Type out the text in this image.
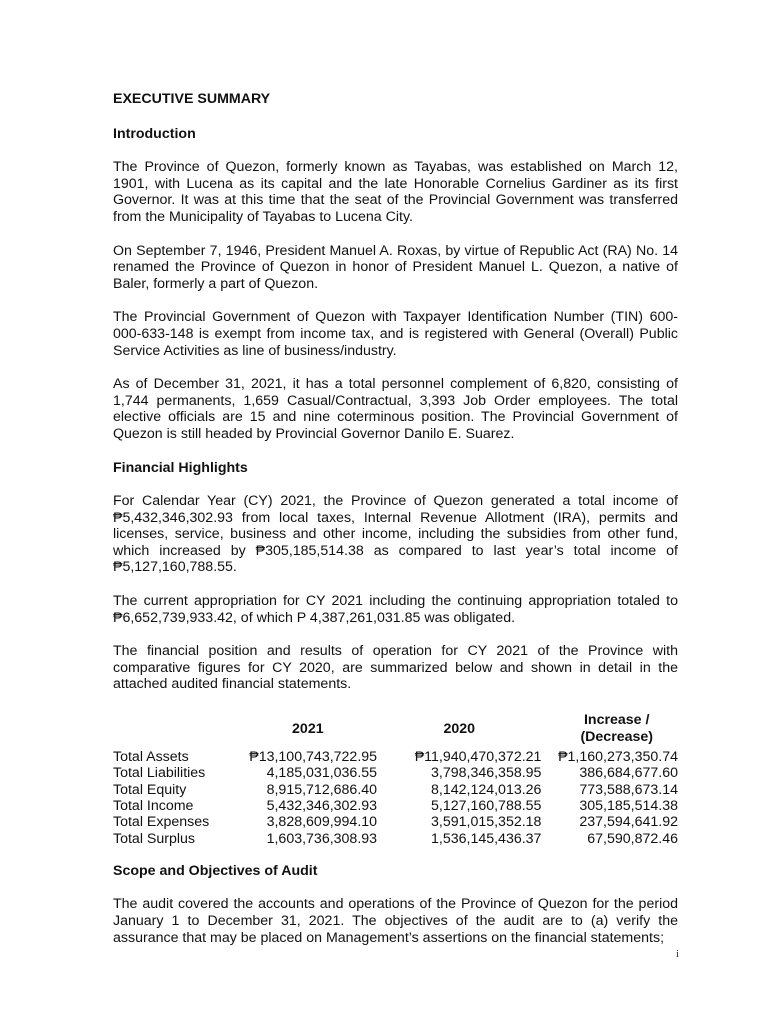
EXECUTIVE SUMMARY
Introduction

The Province of Quezon, formerly known as Tayabas, was established on March 12, 1901, with Lucena as its capital and the late Honorable Cornelius Gardiner as its first Governor. It was at this time that the seat of the Provincial Government was transferred from the Municipality of Tayabas to Lucena City.

On September 7, 1946, President Manuel A. Roxas, by virtue of Republic Act (RA) No. 14 renamed the Province of Quezon in honor of President Manuel L. Quezon, a native of Baler, formerly a part of Quezon.

The Provincial Government of Quezon with Taxpayer Identification Number (TIN) 600-000-633-148 is exempt from income tax, and is registered with General (Overall) Public Service Activities as line of business/industry.

As of December 31, 2021, it has a total personnel complement of 6,820, consisting of 1,744 permanents, 1,659 Casual/Contractual, 3,393 Job Order employees. The total elective officials are 15 and nine coterminous position. The Provincial Government of Quezon is still headed by Provincial Governor Danilo E. Suarez.

Financial Highlights

For Calendar Year (CY) 2021, the Province of Quezon generated a total income of ₱5,432,346,302.93 from local taxes, Internal Revenue Allotment (IRA), permits and licenses, service, business and other income, including the subsidies from other fund, which increased by ₱305,185,514.38 as compared to last year’s total income of ₱5,127,160,788.55.

The current appropriation for CY 2021 including the continuing appropriation totaled to ₱6,652,739,933.42, of which P 4,387,261,031.85 was obligated.

The financial position and results of operation for CY 2021 of the Province with comparative figures for CY 2020, are summarized below and shown in detail in the attached audited financial statements.

	2021	2020	Increase / (Decrease)
Total Assets	₱13,100,743,722.95	₱11,940,470,372.21	₱1,160,273,350.74
Total Liabilities	4,185,031,036.55	3,798,346,358.95	386,684,677.60
Total Equity	8,915,712,686.40	8,142,124,013.26	773,588,673.14
Total Income	5,432,346,302.93	5,127,160,788.55	305,185,514.38
Total Expenses	3,828,609,994.10	3,591,015,352.18	237,594,641.92
Total Surplus	1,603,736,308.93	1,536,145,436.37	67,590,872.46
Scope and Objectives of Audit

The audit covered the accounts and operations of the Province of Quezon for the period January 1 to December 31, 2021. The objectives of the audit are to (a) verify the assurance that may be placed on Management’s assertions on the financial statements;

i
